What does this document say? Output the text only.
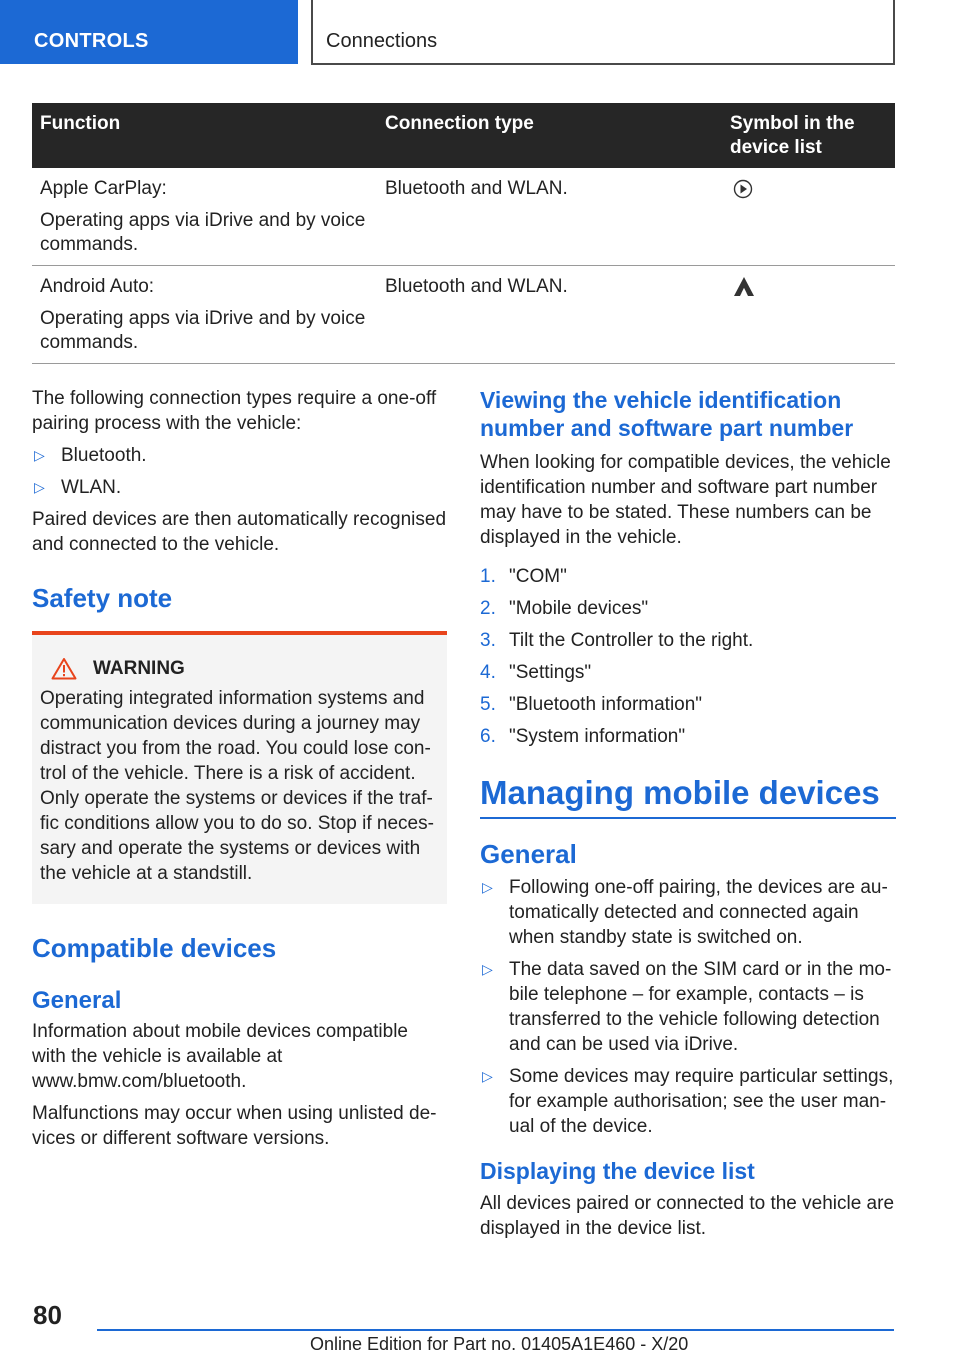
CONTROLS	Connections
Function	Connection type	Symbol in the device list

Apple CarPlay:

Operating apps via iDrive and by voice commands.	Bluetooth and WLAN.	

Android Auto:

Operating apps via iDrive and by voice commands.	Bluetooth and WLAN.	

The following connection types require a one-off pairing process with the vehicle:

▷ Bluetooth.
▷ WLAN.

Paired devices are then automatically recognised and connected to the vehicle.

Safety note
WARNING

Operating integrated information systems and communication devices during a journey may distract you from the road. You could lose control of the vehicle. There is a risk of accident. Only operate the systems or devices if the traffic conditions allow you to do so. Stop if necessary and operate the systems or devices with the vehicle at a standstill.

Compatible devices
General

Information about mobile devices compatible with the vehicle is available at www.bmw.com/bluetooth.

Malfunctions may occur when using unlisted devices or different software versions.

Viewing the vehicle identification number and software part number

When looking for compatible devices, the vehicle identification number and software part number may have to be stated. These numbers can be displayed in the vehicle.

1. "COM"
2. "Mobile devices"
3. Tilt the Controller to the right.
4. "Settings"
5. "Bluetooth information"
6. "System information"
Managing mobile devices
General
▷ Following one-off pairing, the devices are automatically detected and connected again when standby state is switched on.
▷ The data saved on the SIM card or in the mobile telephone – for example, contacts – is transferred to the vehicle following detection and can be used via iDrive.
▷ Some devices may require particular settings, for example authorisation; see the user manual of the device.
Displaying the device list

All devices paired or connected to the vehicle are displayed in the device list.

80
Online Edition for Part no. 01405A1E460 - X/20
